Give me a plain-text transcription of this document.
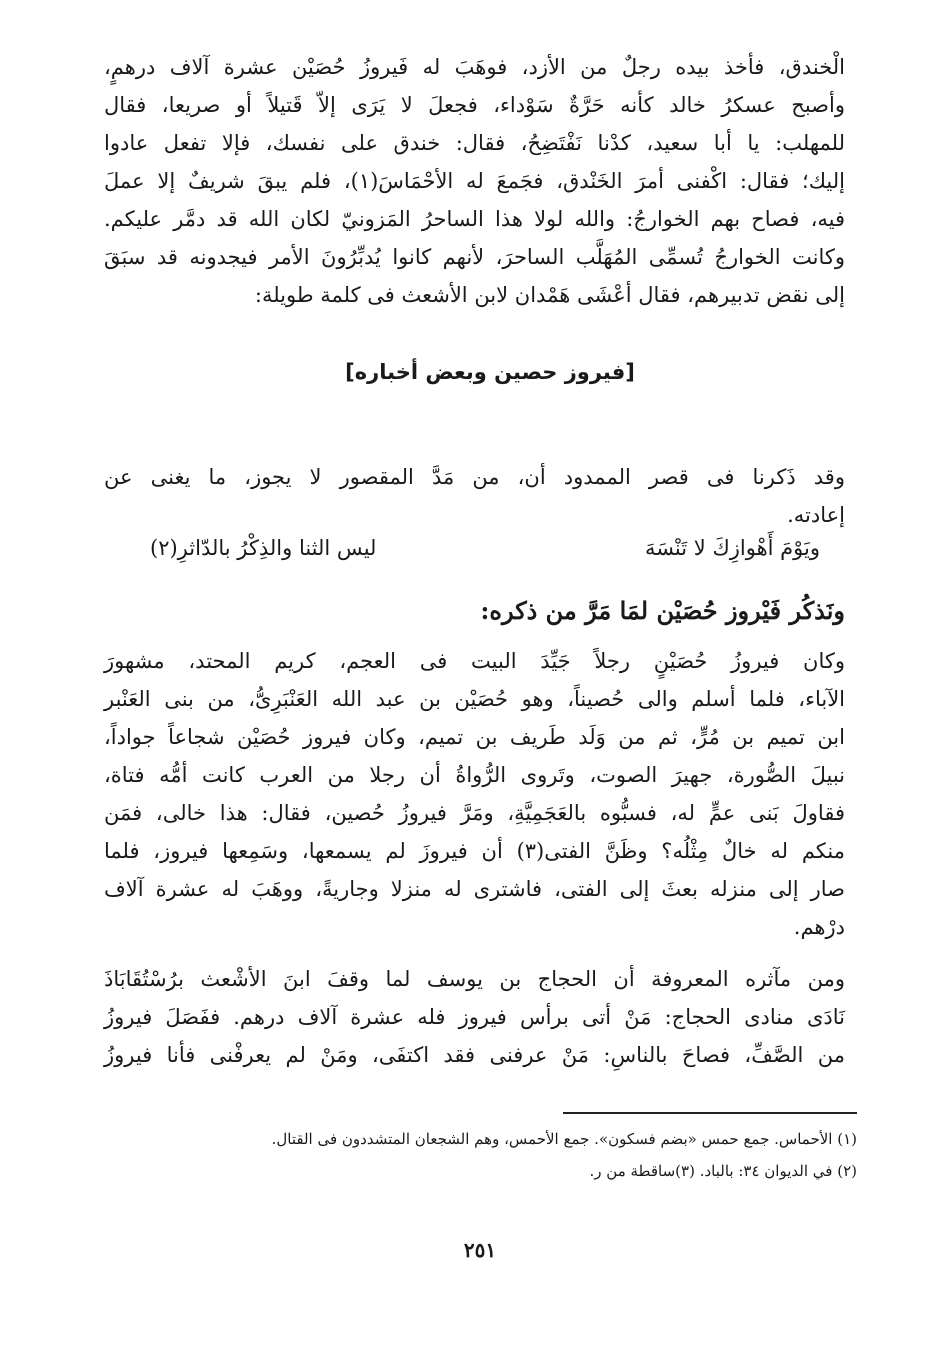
الْخندق، فأخذ بيده رجلٌ من الأزد، فوهَبَ له فَيروزُ حُصَيْن عشرة آلاف درهمٍ،
وأصبح عسكرُ خالد كأنه حَرَّةٌ سَوْداء، فجعلَ لا يَرَى إلاّ قَتيلاً أو صريعا، فقال
للمهلب: يا أبا سعيد، كدْنا نَفْتَضِحُ، فقال: خندق على نفسك، فإلا تفعل عادوا
إليك؛ فقال: اكْفنى أمرَ الخَنْدق، فجَمعَ له الأحْمَاسَ(١)، فلم يبقَ شريفٌ إلا عملَ
فيه، فصاح بهم الخوارجُ: والله لولا هذا الساحرُ المَزونيّ لكان الله قد دمَّر عليكم.
وكانت الخوارجُ تُسمِّى المُهَلَّب الساحرَ، لأنهم كانوا يُدبِّرُونَ الأمر فيجدونه قد سبَقَ
إلى نقض تدبيرهم، فقال أعْشَى هَمْدان لابن الأشعث فى كلمة طويلة:
[فيروز حصين وبعض أخباره]
وقد ذَكرنا فى قصر الممدود أن، من مَدَّ المقصور لا يجوز، ما يغنى عن
إعادته.
ويَوْمَ أَهْوازِكَ لا تَنْسَهَ
ليس الثنا والذِكْرُ بالدّاثرِ(٢)
ونَذكُر فَيْروز حُصَيْن لمَا مَرَّ من ذكره:
وكان فيروزُ حُصَيْنٍ رجلاً جَيِّدَ البيت فى العجم، كريم المحتد، مشهورَ
الآباء، فلما أسلم والى حُصيناً، وهو حُصَيْن بن عبد الله العَنْبَرِىُّ، من بنى العَنْبر
ابن تميم بن مُرٍّ، ثم من وَلَد طَريف بن تميم، وكان فيروز حُصَيْن شجاعاً جواداً،
نبيلَ الصُّورة، جهيرَ الصوت، وتَروى الرُّواةُ أن رجلا من العرب كانت أمُّه فتاة،
فقاولَ بَنى عمٍّ له، فسبُّوه بالعَجَمِيَّةِ، ومَرَّ فيروزُ حُصين، فقال: هذا خالى، فمَن
منكم له خالٌ مِثْلُه؟ وظَنَّ الفتى(٣) أن فيروزَ لم يسمعها، وسَمِعها فيروز، فلما
صار إلى منزله بعثَ إلى الفتى، فاشترى له منزلا وجاريةً، ووهَبَ له عشرة آلاف
درْهم.
ومن مآثره المعروفة أن الحجاج بن يوسف لما وقفَ ابنَ الأشْعث برُسْتُقَابَاذَ
نَادَى منادى الحجاج: مَنْ أتى برأس فيروز فله عشرة آلاف درهم. ففَصَلَ فيروزُ
من الصَّفِّ، فصاحَ بالناسِ: مَنْ عرفنى فقد اكتفَى، ومَنْ لم يعرفْنى فأنا فيروزُ
(١) الأحماس. جمع حمس «بضم فسكون». جمع الأحمس، وهم الشجعان المتشددون فى القتال.
(٢) في الديوان ٣٤: بالباد. (٣)ساقطة من ر.
٢٥١
